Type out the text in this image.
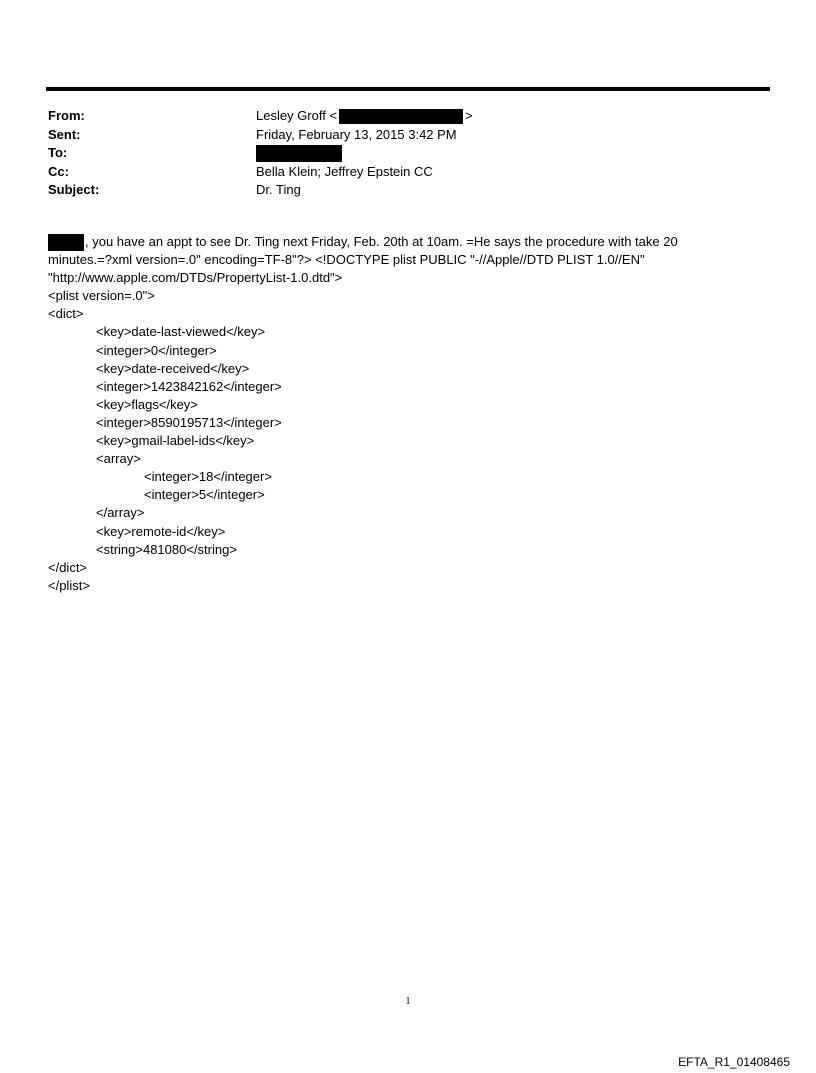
From:	Lesley Groff <	>
Sent:	Friday, February 13, 2015 3:42 PM
To:
Cc:	Bella Klein; Jeffrey Epstein CC
Subject:	Dr. Ting
, you have an appt to see Dr. Ting next Friday, Feb. 20th at 10am. =He says the procedure with take 20
minutes.=?xml version=.0" encoding=TF-8"?> <!DOCTYPE plist PUBLIC "-//Apple//DTD PLIST 1.0//EN"
"http://www.apple.com/DTDs/PropertyList-1.0.dtd">
<plist version=.0">
<dict>
<key>date-last-viewed</key>
<integer>0</integer>
<key>date-received</key>
<integer>1423842162</integer>
<key>flags</key>
<integer>8590195713</integer>
<key>gmail-label-ids</key>
<array>
<integer>18</integer>
<integer>5</integer>
</array>
<key>remote-id</key>
<string>481080</string>
</dict>
</plist>
1
EFTA_R1_01408465
